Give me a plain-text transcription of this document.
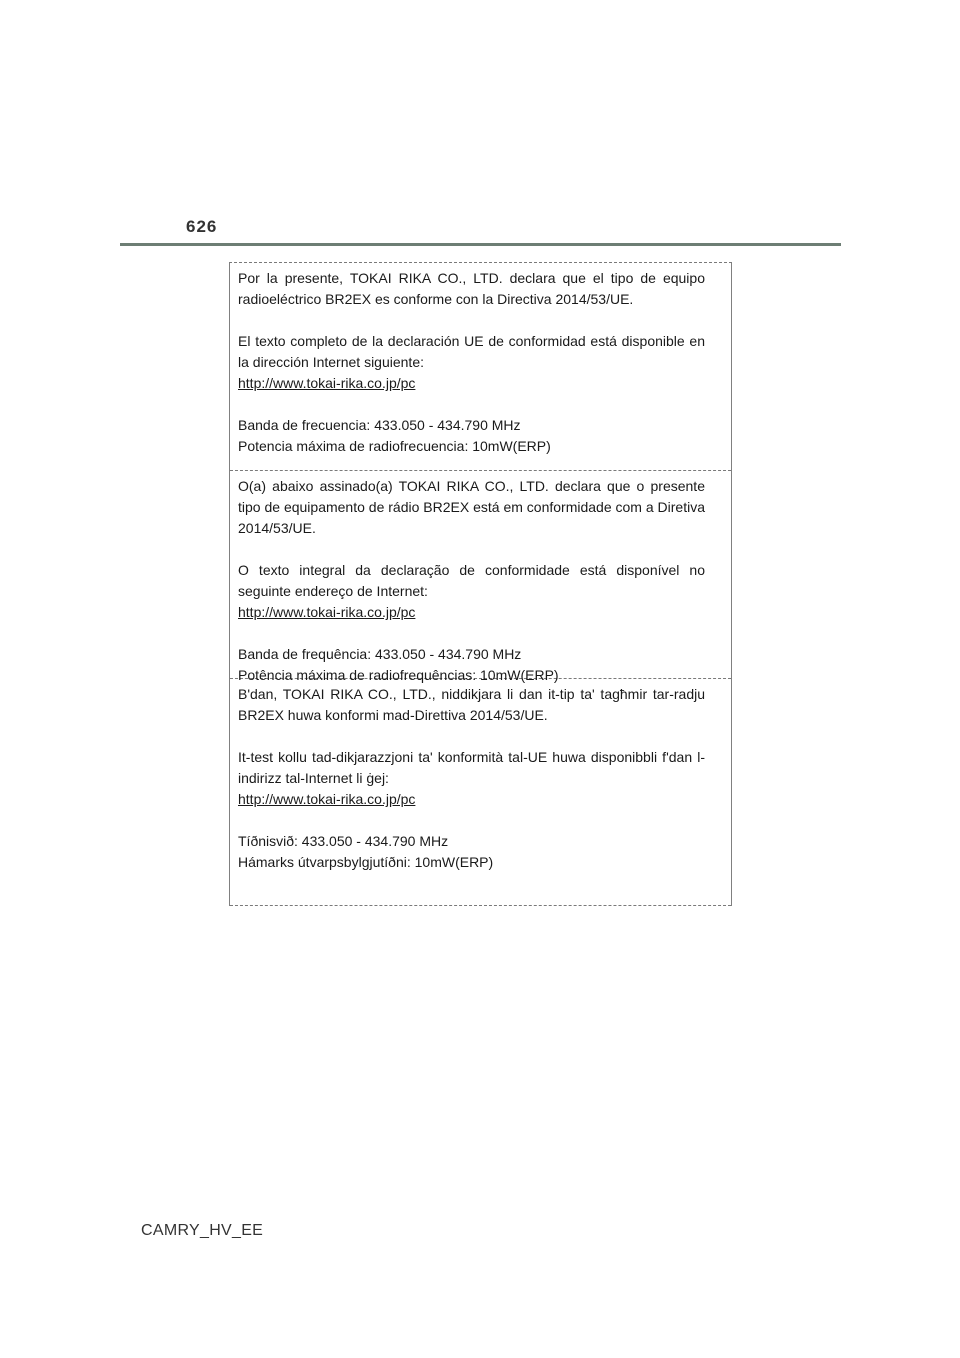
626

Por la presente, TOKAI RIKA CO., LTD. declara que el tipo de equipo radioeléctrico BR2EX es conforme con la Directiva 2014/53/UE.

El texto completo de la declaración UE de conformidad está disponible en la dirección Internet siguiente:

http://www.tokai-rika.co.jp/pc

Banda de frecuencia: 433.050 - 434.790 MHz
Potencia máxima de radiofrecuencia: 10mW(ERP)

O(a) abaixo assinado(a) TOKAI RIKA CO., LTD. declara que o presente tipo de equipamento de rádio BR2EX está em conformidade com a Diretiva 2014/53/UE.

O texto integral da declaração de conformidade está disponível no seguinte endereço de Internet:

http://www.tokai-rika.co.jp/pc

Banda de frequência: 433.050 - 434.790 MHz
Potência máxima de radiofrequências: 10mW(ERP)

B'dan, TOKAI RIKA CO., LTD., niddikjara li dan it-tip ta' tagħmir tar-radju BR2EX huwa konformi mad-Direttiva 2014/53/UE.

It-test kollu tad-dikjarazzjoni ta' konformità tal-UE huwa disponibbli f'dan l-indirizz tal-Internet li ġej:

http://www.tokai-rika.co.jp/pc

Tíðnisvið: 433.050 - 434.790 MHz
Hámarks útvarpsbylgjutíðni: 10mW(ERP)

CAMRY_HV_EE
